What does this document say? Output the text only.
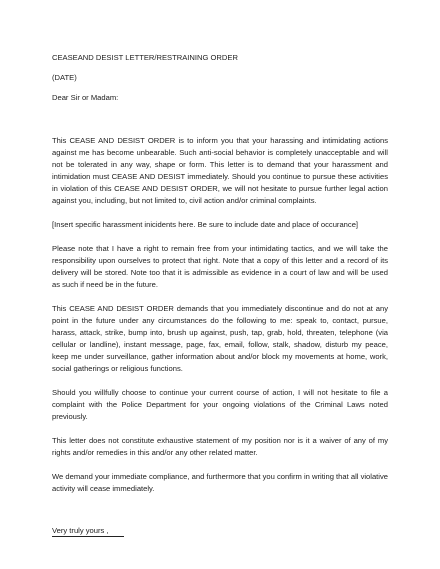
CEASEAND DESIST LETTER/RESTRAINING ORDER
(DATE)
Dear Sir or Madam:

This CEASE AND DESIST ORDER is to inform you that your harassing and intimidating actions against me has become unbearable. Such anti-social behavior is completely unacceptable and will not be tolerated in any way, shape or form. This letter is to demand that your harassment and intimidation must CEASE AND DESIST immediately. Should you continue to pursue these activities in violation of this CEASE AND DESIST ORDER, we will not hesitate to pursue further legal action against you, including, but not limited to, civil action and/or criminal complaints.

[Insert specific harassment inicidents here. Be sure to include date and place of occurance]

Please note that I have a right to remain free from your intimidating tactics, and we will take the responsibility upon ourselves to protect that right. Note that a copy of this letter and a record of its delivery will be stored. Note too that it is admissible as evidence in a court of law and will be used as such if need be in the future.

This CEASE AND DESIST ORDER demands that you immediately discontinue and do not at any point in the future under any circumstances do the following to me: speak to, contact, pursue, harass, attack, strike, bump into, brush up against, push, tap, grab, hold, threaten, telephone (via cellular or landline), instant message, page, fax, email, follow, stalk, shadow, disturb my peace, keep me under surveillance, gather information about and/or block my movements at home, work, social gatherings or religious functions.

Should you willfully choose to continue your current course of action, I will not hesitate to file a complaint with the Police Department for your ongoing violations of the Criminal Laws noted previously.

This letter does not constitute exhaustive statement of my position nor is it a waiver of any of my rights and/or remedies in this and/or any other related matter.

We demand your immediate compliance, and furthermore that you confirm in writing that all violative activity will cease immediately.

Very truly yours ,
